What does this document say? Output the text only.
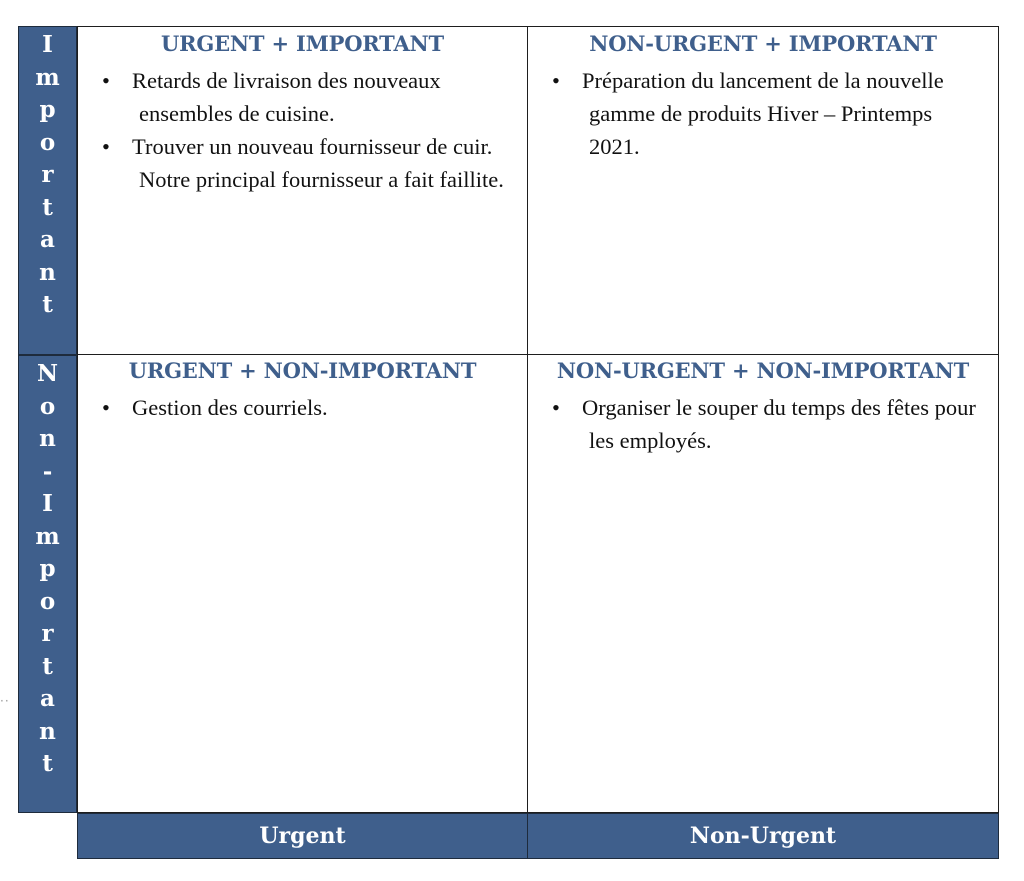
I
m
p
o
r
t
a
n
t
N
o
n
-
I
m
p
o
r
t
a
n
t
URGENT + IMPORTANT
• Retards de livraison des nouveaux ensembles de cuisine.
• Trouver un nouveau fournisseur de cuir. Notre principal fournisseur a fait faillite.
NON-URGENT + IMPORTANT
• Préparation du lancement de la nouvelle gamme de produits Hiver – Printemps 2021.
URGENT + NON-IMPORTANT
• Gestion des courriels.
NON-URGENT + NON-IMPORTANT
• Organiser le souper du temps des fêtes pour les employés.
Urgent	Non-Urgent
··
